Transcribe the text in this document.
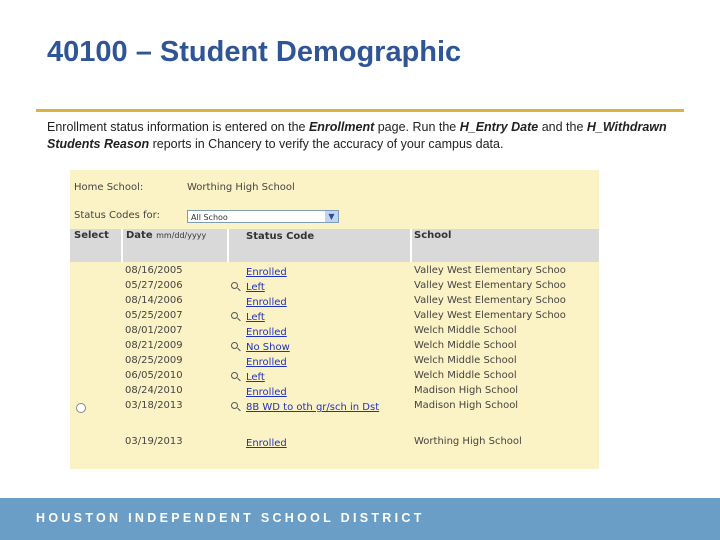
40100 – Student Demographic
Enrollment status information is entered on the Enrollment page. Run the H_Entry Date and the H_Withdrawn Students Reason reports in Chancery to verify the accuracy of your campus data.
Home School:	Worthing High School
Status Codes for:	All Schoo	▼
Select Date mm/dd/yyyy	Status Code	School
08/16/2005	Enrolled	Valley West Elementary Schoo
05/27/2006	Left	Valley West Elementary Schoo
08/14/2006	Enrolled	Valley West Elementary Schoo
05/25/2007	Left	Valley West Elementary Schoo
08/01/2007	Enrolled	Welch Middle School
08/21/2009	No Show	Welch Middle School
08/25/2009	Enrolled	Welch Middle School
06/05/2010	Left	Welch Middle School
08/24/2010	Enrolled	Madison High School
03/18/2013	8B WD to oth gr/sch in Dst	Madison High School
03/19/2013	Enrolled	Worthing High School
HOUSTON INDEPENDENT SCHOOL DISTRICT
